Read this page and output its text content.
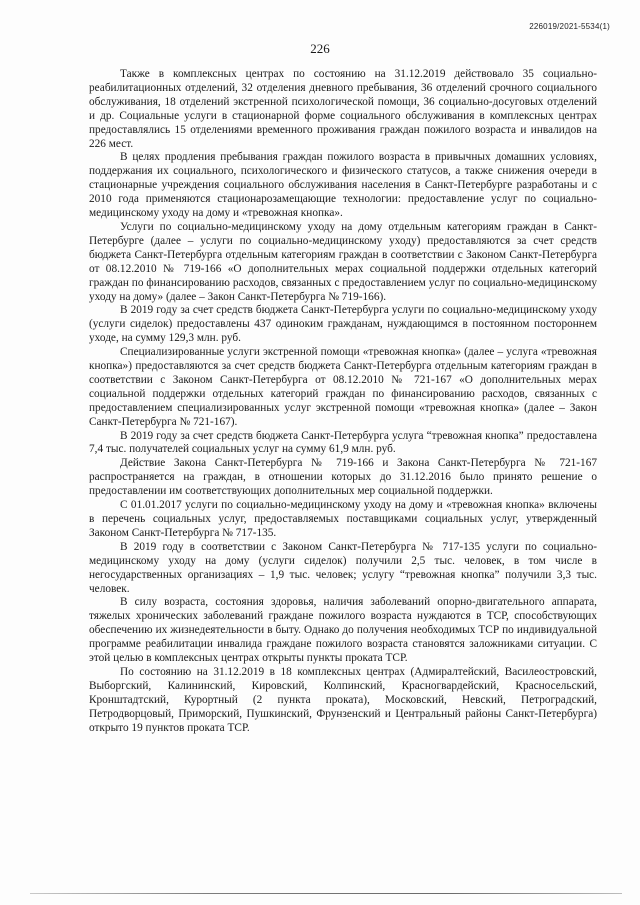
226019/2021-5534(1)
226

Также в комплексных центрах по состоянию на 31.12.2019 действовало 35 социально-реабилитационных отделений, 32 отделения дневного пребывания, 36 отделений срочного социального обслуживания, 18 отделений экстренной психологической помощи, 36 социально-досуговых отделений и др. Социальные услуги в стационарной форме социального обслуживания в комплексных центрах предоставлялись 15 отделениями временного проживания граждан пожилого возраста и инвалидов на 226 мест.

В целях продления пребывания граждан пожилого возраста в привычных домашних условиях, поддержания их социального, психологического и физического статусов, а также снижения очереди в стационарные учреждения социального обслуживания населения в Санкт-Петербурге разработаны и с 2010 года применяются стационарозамещающие технологии: предоставление услуг по социально-медицинскому уходу на дому и «тревожная кнопка».

Услуги по социально-медицинскому уходу на дому отдельным категориям граждан в Санкт-Петербурге (далее – услуги по социально-медицинскому уходу) предоставляются за счет средств бюджета Санкт-Петербурга отдельным категориям граждан в соответствии с Законом Санкт-Петербурга от 08.12.2010 № 719-166 «О дополнительных мерах социальной поддержки отдельных категорий граждан по финансированию расходов, связанных с предоставлением услуг по социально-медицинскому уходу на дому» (далее – Закон Санкт-Петербурга № 719-166).

В 2019 году за счет средств бюджета Санкт-Петербурга услуги по социально-медицинскому уходу (услуги сиделок) предоставлены 437 одиноким гражданам, нуждающимся в постоянном постороннем уходе, на сумму 129,3 млн. руб.

Специализированные услуги экстренной помощи «тревожная кнопка» (далее – услуга «тревожная кнопка») предоставляются за счет средств бюджета Санкт-Петербурга отдельным категориям граждан в соответствии с Законом Санкт-Петербурга от 08.12.2010 № 721-167 «О дополнительных мерах социальной поддержки отдельных категорий граждан по финансированию расходов, связанных с предоставлением специализированных услуг экстренной помощи «тревожная кнопка» (далее – Закон Санкт-Петербурга № 721-167).

В 2019 году за счет средств бюджета Санкт-Петербурга услуга “тревожная кнопка” предоставлена 7,4 тыс. получателей социальных услуг на сумму 61,9 млн. руб.

Действие Закона Санкт-Петербурга № 719-166 и Закона Санкт-Петербурга № 721-167 распространяется на граждан, в отношении которых до 31.12.2016 было принято решение о предоставлении им соответствующих дополнительных мер социальной поддержки.

С 01.01.2017 услуги по социально-медицинскому уходу на дому и «тревожная кнопка» включены в перечень социальных услуг, предоставляемых поставщиками социальных услуг, утвержденный Законом Санкт-Петербурга № 717-135.

В 2019 году в соответствии с Законом Санкт-Петербурга № 717-135 услуги по социально-медицинскому уходу на дому (услуги сиделок) получили 2,5 тыс. человек, в том числе в негосударственных организациях – 1,9 тыс. человек; услугу “тревожная кнопка” получили 3,3 тыс. человек.

В силу возраста, состояния здоровья, наличия заболеваний опорно-двигательного аппарата, тяжелых хронических заболеваний граждане пожилого возраста нуждаются в ТСР, способствующих обеспечению их жизнедеятельности в быту. Однако до получения необходимых ТСР по индивидуальной программе реабилитации инвалида граждане пожилого возраста становятся заложниками ситуации. С этой целью в комплексных центрах открыты пункты проката ТСР.

По состоянию на 31.12.2019 в 18 комплексных центрах (Адмиралтейский, Василеостровский, Выборгский, Калининский, Кировский, Колпинский, Красногвардейский, Красносельский, Кронштадтский, Курортный (2 пункта проката), Московский, Невский, Петроградский, Петродворцовый, Приморский, Пушкинский, Фрунзенский и Центральный районы Санкт-Петербурга) открыто 19 пунктов проката ТСР.
